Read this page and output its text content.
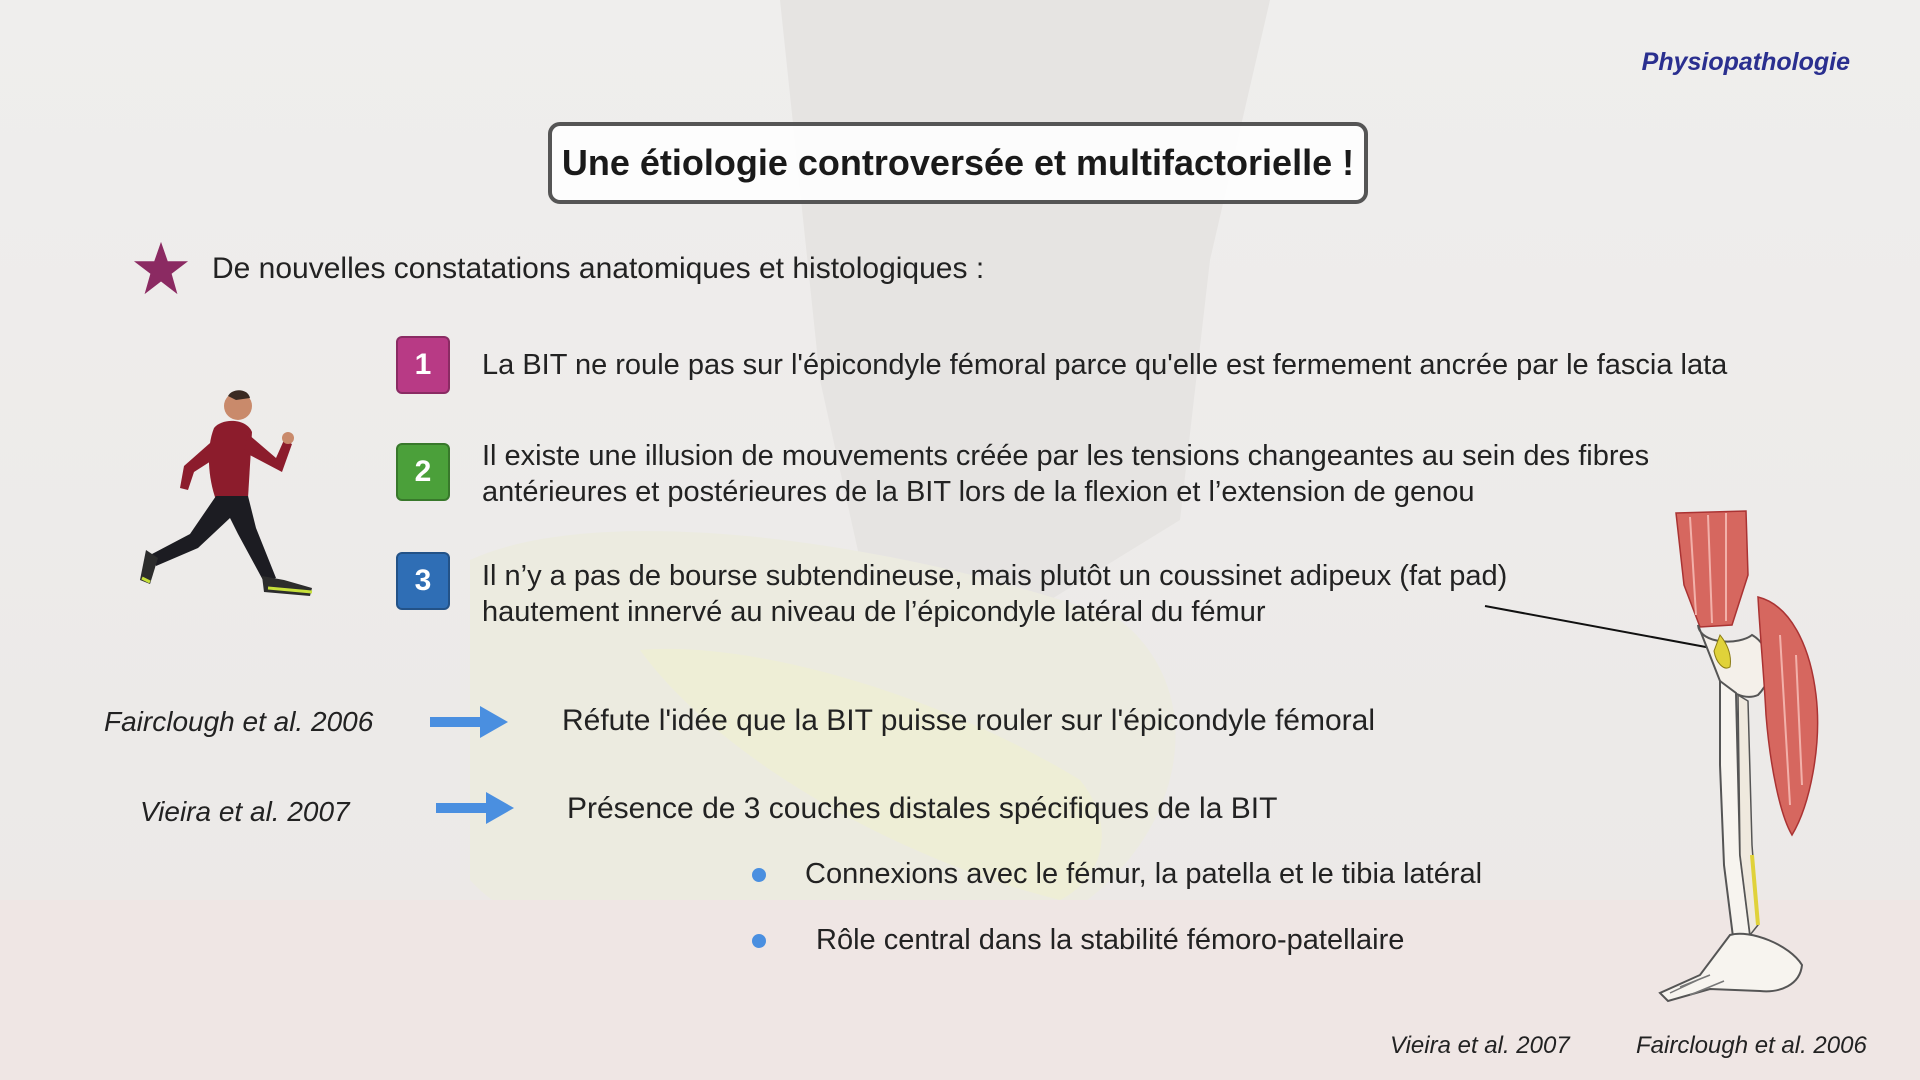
Physiopathologie
Une étiologie controversée et multifactorielle !
De nouvelles constatations anatomiques et histologiques :
1	La BIT ne roule pas sur l'épicondyle fémoral parce qu'elle est fermement ancrée par le fascia lata
2	Il existe une illusion de mouvements créée par les tensions changeantes au sein des fibres
antérieures et postérieures de la BIT lors de la flexion et l’extension de genou
3	Il n’y a pas de bourse subtendineuse, mais plutôt un coussinet adipeux (fat pad)
hautement innervé au niveau de l’épicondyle latéral du fémur
Fairclough et al. 2006	Réfute l'idée que la BIT puisse rouler sur l'épicondyle fémoral
Vieira et al. 2007	Présence de 3 couches distales spécifiques de la BIT
Connexions avec le fémur, la patella et le tibia latéral
Rôle central dans la stabilité fémoro-patellaire
Vieira et al. 2007	Fairclough et al. 2006
